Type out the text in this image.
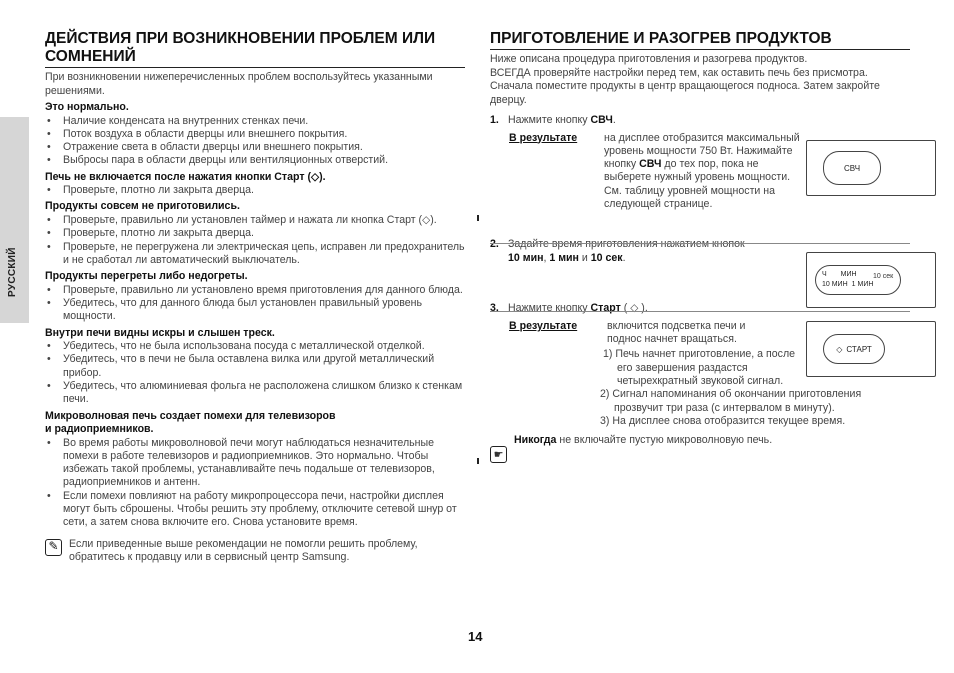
РУССКИЙ
ДЕЙСТВИЯ ПРИ ВОЗНИКНОВЕНИИ ПРОБЛЕМ ИЛИ СОМНЕНИЙ

При возникновении нижеперечисленных проблем воспользуйтесь указанными решениями.

Это нормально.

• Наличие конденсата на внутренних стенках печи.
• Поток воздуха в области дверцы или внешнего покрытия.
• Отражение света в области дверцы или внешнего покрытия.
• Выбросы пара в области дверцы или вентиляционных отверстий.

Печь не включается после нажатия кнопки Старт (◇).

• Проверьте, плотно ли закрыта дверца.

Продукты совсем не приготовились.

• Проверьте, правильно ли установлен таймер и нажата ли кнопка Старт (◇).
• Проверьте, плотно ли закрыта дверца.
• Проверьте, не перегружена ли электрическая цепь, исправен ли предохранитель и не сработал ли автоматический выключатель.

Продукты перегреты либо недогреты.

• Проверьте, правильно ли установлено время приготовления для данного блюда.
• Убедитесь, что для данного блюда был установлен правильный уровень мощности.

Внутри печи видны искры и слышен треск.

• Убедитесь, что не была использована посуда с металлической отделкой.
• Убедитесь, что в печи не была оставлена вилка или другой металлический прибор.
• Убедитесь, что алюминиевая фольга не расположена слишком близко к стенкам печи.

Микроволновая печь создает помехи для телевизоров
и радиоприемников.

• Во время работы микроволновой печи могут наблюдаться незначительные помехи в работе телевизоров и радиоприемников. Это нормально. Чтобы избежать такой проблемы, устанавливайте печь подальше от телевизоров, радиоприемников и антенн.
• Если помехи повлияют на работу микропроцессора печи, настройки дисплея могут быть сброшены. Чтобы решить эту проблему, отключите сетевой шнур от сети, а затем снова включите его. Снова установите время.
✎ Если приведенные выше рекомендации не помогли решить проблему, обратитесь к продавцу или в сервисный центр Samsung.

ПРИГОТОВЛЕНИЕ И РАЗОГРЕВ ПРОДУКТОВ

Ниже описана процедура приготовления и разогрева продуктов.
ВСЕГДА проверяйте настройки перед тем, как оставить печь без присмотра.
Сначала поместите продукты в центр вращающегося подноса. Затем закройте дверцу.

1. Нажмите кнопку СВЧ.
В результате	на дисплее отобразится максимальный уровень мощности 750 Вт. Нажимайте кнопку СВЧ до тех пор, пока не выберете нужный уровень мощности.
См. таблицу уровней мощности на следующей странице.
2. Задайте время приготовления нажатием кнопок
10 мин, 1 мин и 10 сек.
3. Нажмите кнопку Старт ( ◇ ).
В результате	включится подсветка печи и поднос начнет вращаться.

1) Печь начнет приготовление, а после его завершения раздастся четырехкратный звуковой сигнал.

2) Сигнал напоминания об окончании приготовления прозвучит три раза (с интервалом в минуту).

3) На дисплее снова отобразится текущее время.

Никогда не включайте пустую микроволновую печь.
☛
СВЧ
Ч МИН
10 МИН 1 МИН
10 сек
◇ СТАРТ
14
